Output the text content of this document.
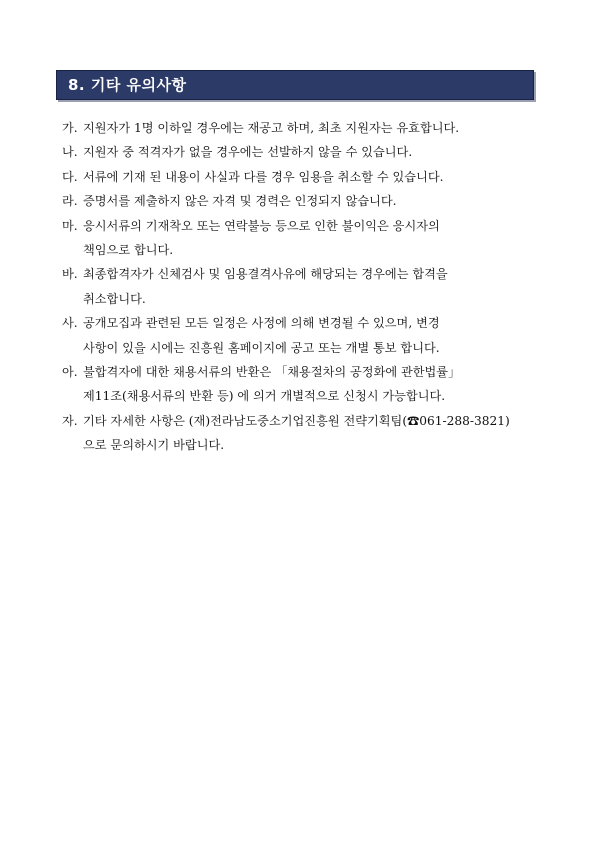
8. 기타 유의사항
가. 지원자가 1명 이하일 경우에는 재공고 하며, 최초 지원자는 유효합니다.
나. 지원자 중 적격자가 없을 경우에는 선발하지 않을 수 있습니다.
다. 서류에 기재 된 내용이 사실과 다를 경우 임용을 취소할 수 있습니다.
라. 증명서를 제출하지 않은 자격 및 경력은 인정되지 않습니다.
마. 응시서류의 기재착오 또는 연락불능 등으로 인한 불이익은 응시자의
책임으로 합니다.
바. 최종합격자가 신체검사 및 임용결격사유에 해당되는 경우에는 합격을
취소합니다.
사. 공개모집과 관련된 모든 일정은 사정에 의해 변경될 수 있으며, 변경
사항이 있을 시에는 진흥원 홈페이지에 공고 또는 개별 통보 합니다.
아. 불합격자에 대한 채용서류의 반환은 「채용절차의 공정화에 관한법률」
제11조(채용서류의 반환 등) 에 의거 개별적으로 신청시 가능합니다.
자. 기타 자세한 사항은 (재)전라남도중소기업진흥원 전략기획팀(☎061-288-3821)
으로 문의하시기 바랍니다.
